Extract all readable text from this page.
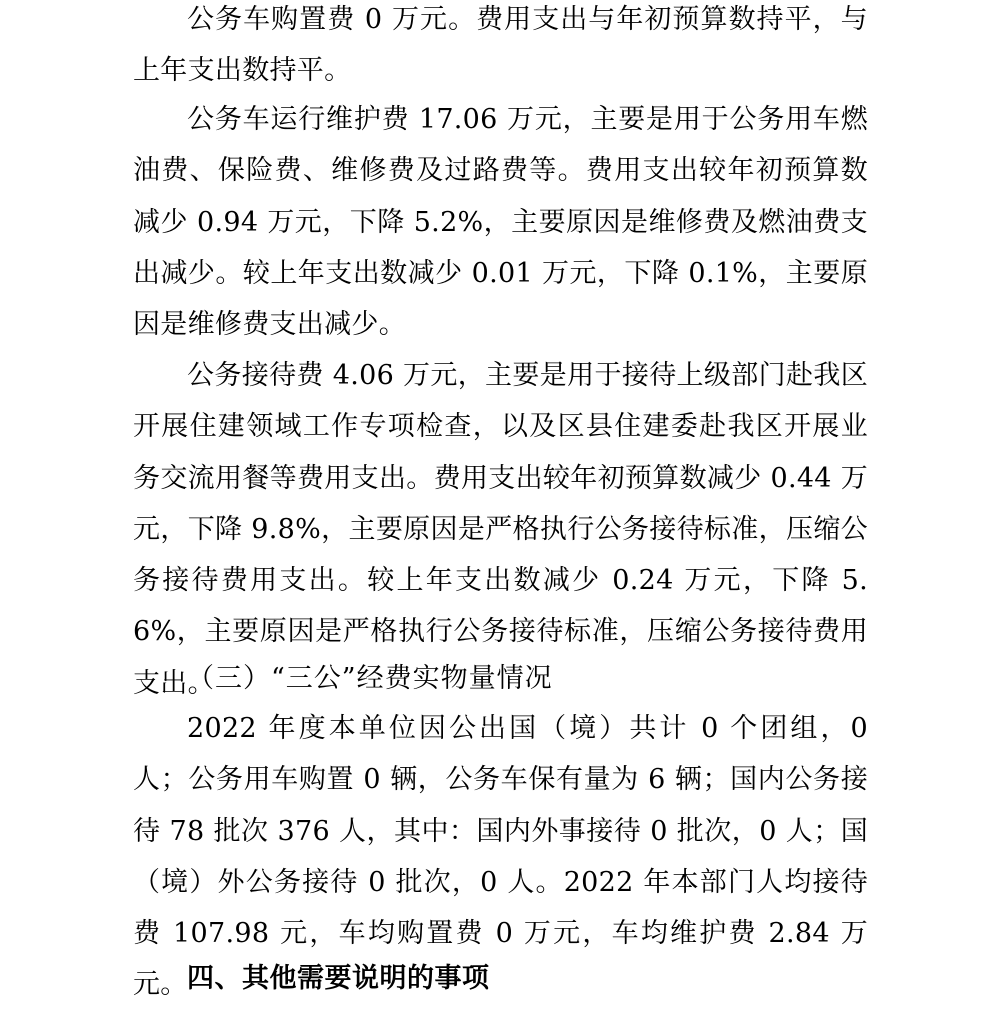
公务车购置费 0 万元。费用支出与年初预算数持平，与上年支出数持平。

公务车运行维护费 17.06 万元，主要是用于公务用车燃油费、保险费、维修费及过路费等。费用支出较年初预算数减少 0.94 万元，下降 5.2%，主要原因是维修费及燃油费支出减少。较上年支出数减少 0.01 万元，下降 0.1%，主要原因是维修费支出减少。

公务接待费 4.06 万元，主要是用于接待上级部门赴我区开展住建领域工作专项检查，以及区县住建委赴我区开展业务交流用餐等费用支出。费用支出较年初预算数减少 0.44 万元，下降 9.8%，主要原因是严格执行公务接待标准，压缩公务接待费用支出。较上年支出数减少 0.24 万元，下降 5.6%，主要原因是严格执行公务接待标准，压缩公务接待费用支出。

（三）“三公”经费实物量情况

2022 年度本单位因公出国（境）共计 0 个团组，0 人；公务用车购置 0 辆，公务车保有量为 6 辆；国内公务接待 78 批次 376 人，其中：国内外事接待 0 批次，0 人；国（境）外公务接待 0 批次，0 人。2022 年本部门人均接待费 107.98 元，车均购置费 0 万元，车均维护费 2.84 万元。 四、其他需要说明的事项
